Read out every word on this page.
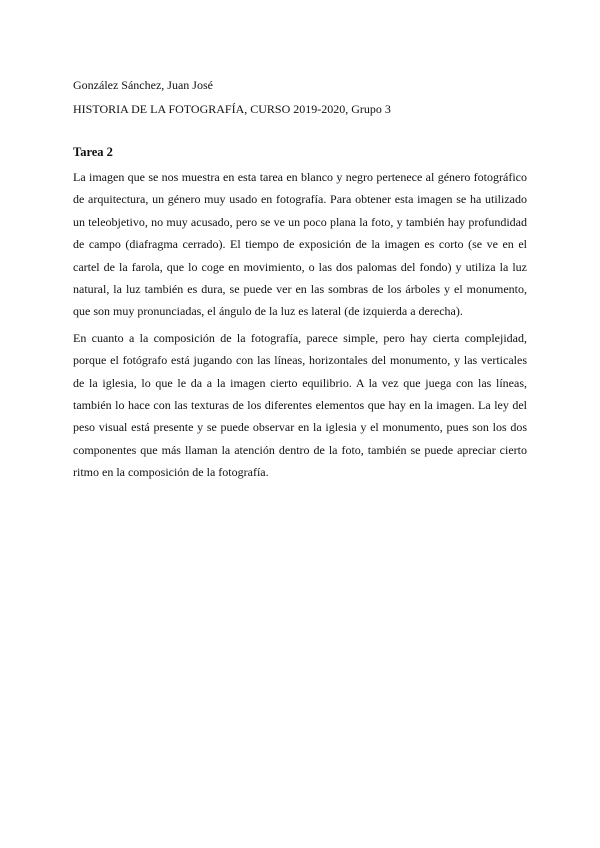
González Sánchez, Juan José

HISTORIA DE LA FOTOGRAFÍA, CURSO 2019-2020, Grupo 3

Tarea 2

La imagen que se nos muestra en esta tarea en blanco y negro pertenece al género fotográfico de arquitectura, un género muy usado en fotografía. Para obtener esta imagen se ha utilizado un teleobjetivo, no muy acusado, pero se ve un poco plana la foto, y también hay profundidad de campo (diafragma cerrado). El tiempo de exposición de la imagen es corto (se ve en el cartel de la farola, que lo coge en movimiento, o las dos palomas del fondo) y utiliza la luz natural, la luz también es dura, se puede ver en las sombras de los árboles y el monumento, que son muy pronunciadas, el ángulo de la luz es lateral (de izquierda a derecha).

En cuanto a la composición de la fotografía, parece simple, pero hay cierta complejidad, porque el fotógrafo está jugando con las líneas, horizontales del monumento, y las verticales de la iglesia, lo que le da a la imagen cierto equilibrio. A la vez que juega con las líneas, también lo hace con las texturas de los diferentes elementos que hay en la imagen. La ley del peso visual está presente y se puede observar en la iglesia y el monumento, pues son los dos componentes que más llaman la atención dentro de la foto, también se puede apreciar cierto ritmo en la composición de la fotografía.
